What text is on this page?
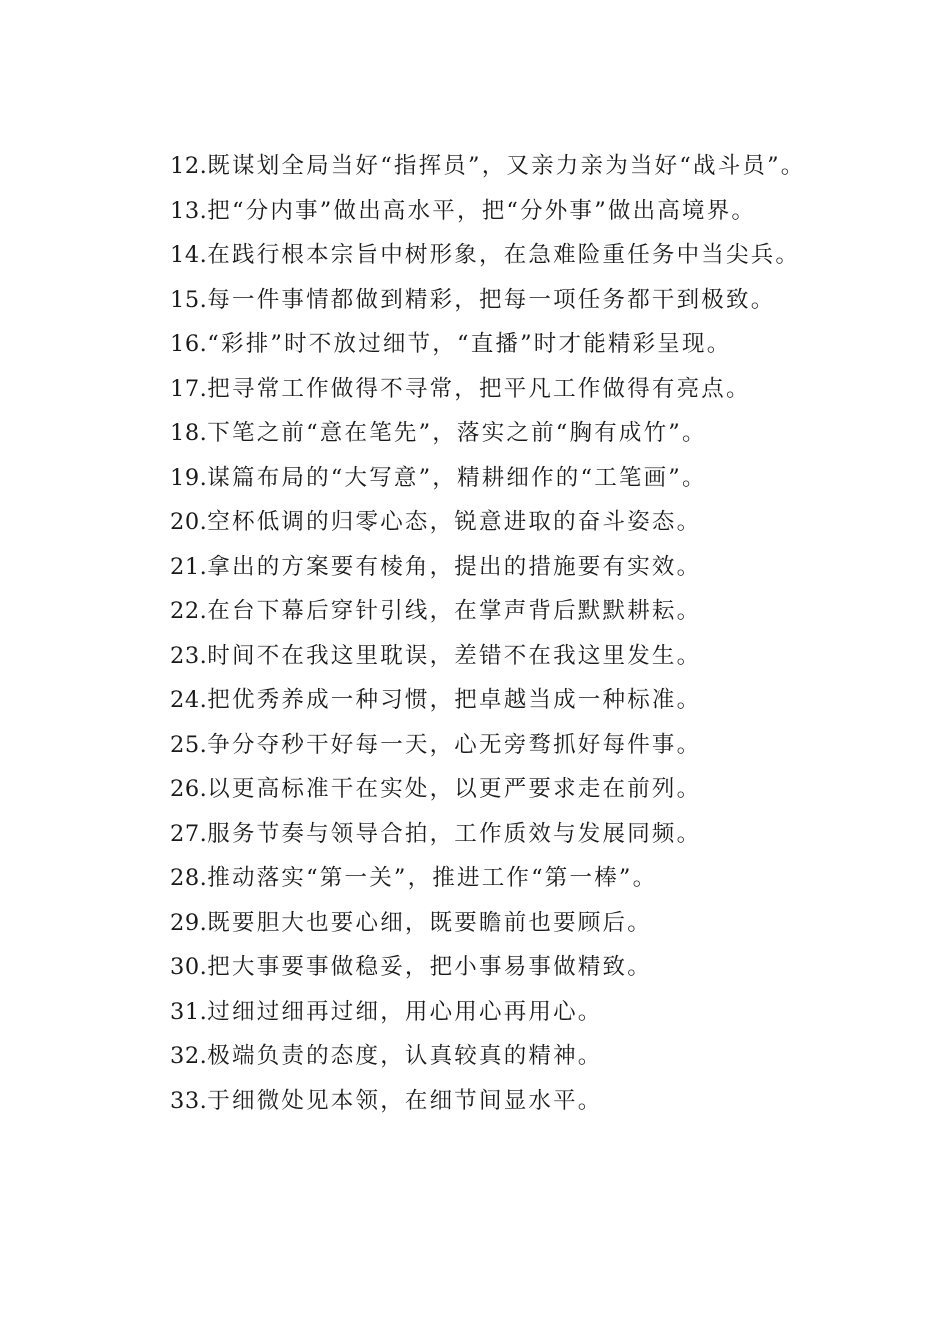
12.既谋划全局当好“指挥员”，又亲力亲为当好“战斗员”。

13.把“分内事”做出高水平，把“分外事”做出高境界。

14.在践行根本宗旨中树形象，在急难险重任务中当尖兵。

15.每一件事情都做到精彩，把每一项任务都干到极致。

16.“彩排”时不放过细节，“直播”时才能精彩呈现。

17.把寻常工作做得不寻常，把平凡工作做得有亮点。

18.下笔之前“意在笔先”，落实之前“胸有成竹”。

19.谋篇布局的“大写意”，精耕细作的“工笔画”。

20.空杯低调的归零心态，锐意进取的奋斗姿态。

21.拿出的方案要有棱角，提出的措施要有实效。

22.在台下幕后穿针引线，在掌声背后默默耕耘。

23.时间不在我这里耽误，差错不在我这里发生。

24.把优秀养成一种习惯，把卓越当成一种标准。

25.争分夺秒干好每一天，心无旁骛抓好每件事。

26.以更高标准干在实处，以更严要求走在前列。

27.服务节奏与领导合拍，工作质效与发展同频。

28.推动落实“第一关”，推进工作“第一棒”。

29.既要胆大也要心细，既要瞻前也要顾后。

30.把大事要事做稳妥，把小事易事做精致。

31.过细过细再过细，用心用心再用心。

32.极端负责的态度，认真较真的精神。

33.于细微处见本领，在细节间显水平。
